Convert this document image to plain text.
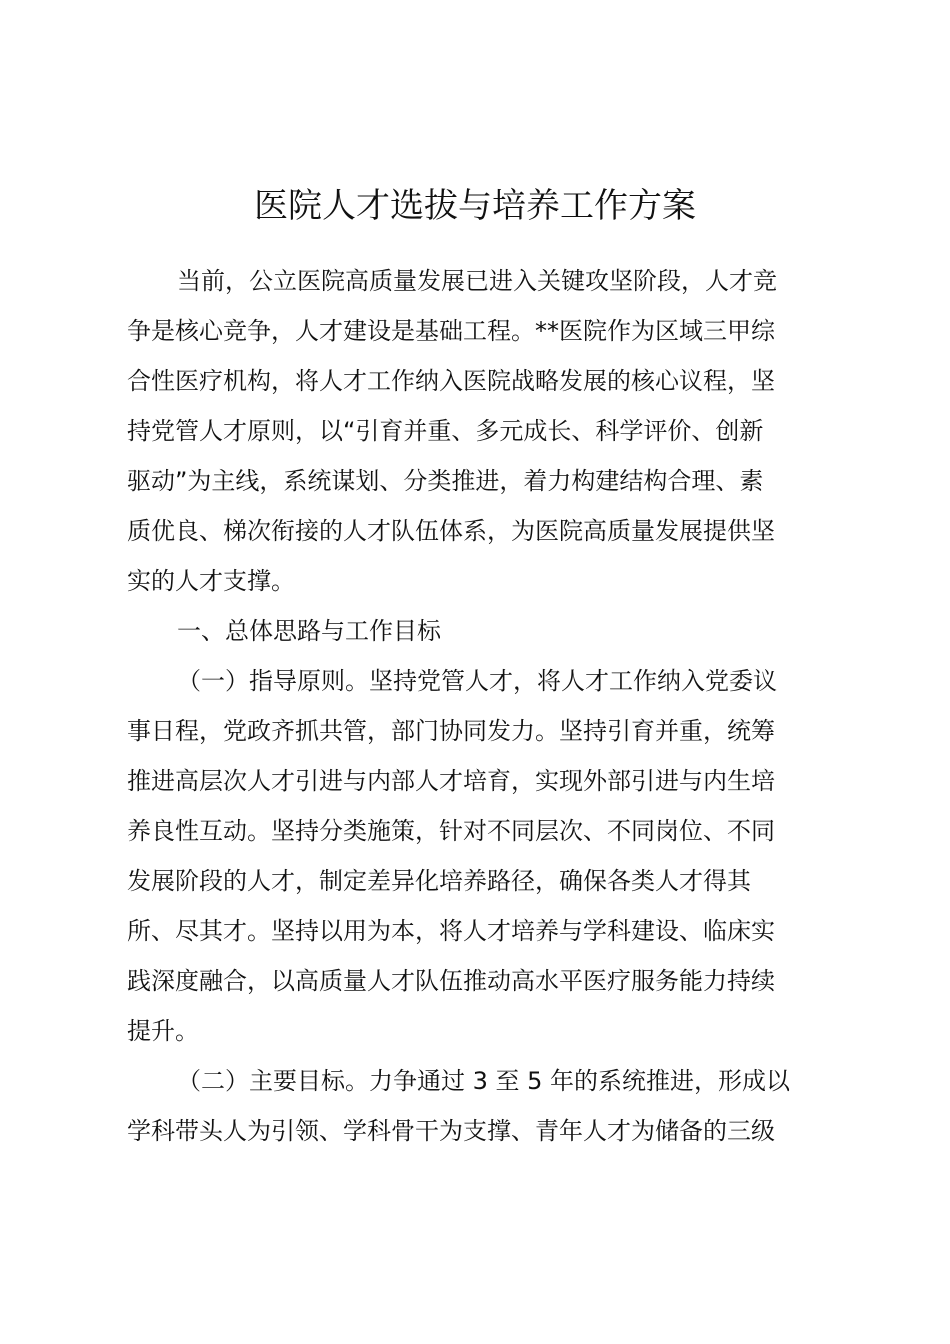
医院人才选拔与培养工作方案
当前，公立医院高质量发展已进入关键攻坚阶段，人才竞
争是核心竞争，人才建设是基础工程。**医院作为区域三甲综
合性医疗机构，将人才工作纳入医院战略发展的核心议程，坚
持党管人才原则，以“引育并重、多元成长、科学评价、创新
驱动”为主线，系统谋划、分类推进，着力构建结构合理、素
质优良、梯次衔接的人才队伍体系，为医院高质量发展提供坚
实的人才支撑。
一、总体思路与工作目标
（一）指导原则。坚持党管人才，将人才工作纳入党委议
事日程，党政齐抓共管，部门协同发力。坚持引育并重，统筹
推进高层次人才引进与内部人才培育，实现外部引进与内生培
养良性互动。坚持分类施策，针对不同层次、不同岗位、不同
发展阶段的人才，制定差异化培养路径，确保各类人才得其
所、尽其才。坚持以用为本，将人才培养与学科建设、临床实
践深度融合，以高质量人才队伍推动高水平医疗服务能力持续
提升。
（二）主要目标。力争通过 3 至 5 年的系统推进，形成以
学科带头人为引领、学科骨干为支撑、青年人才为储备的三级
